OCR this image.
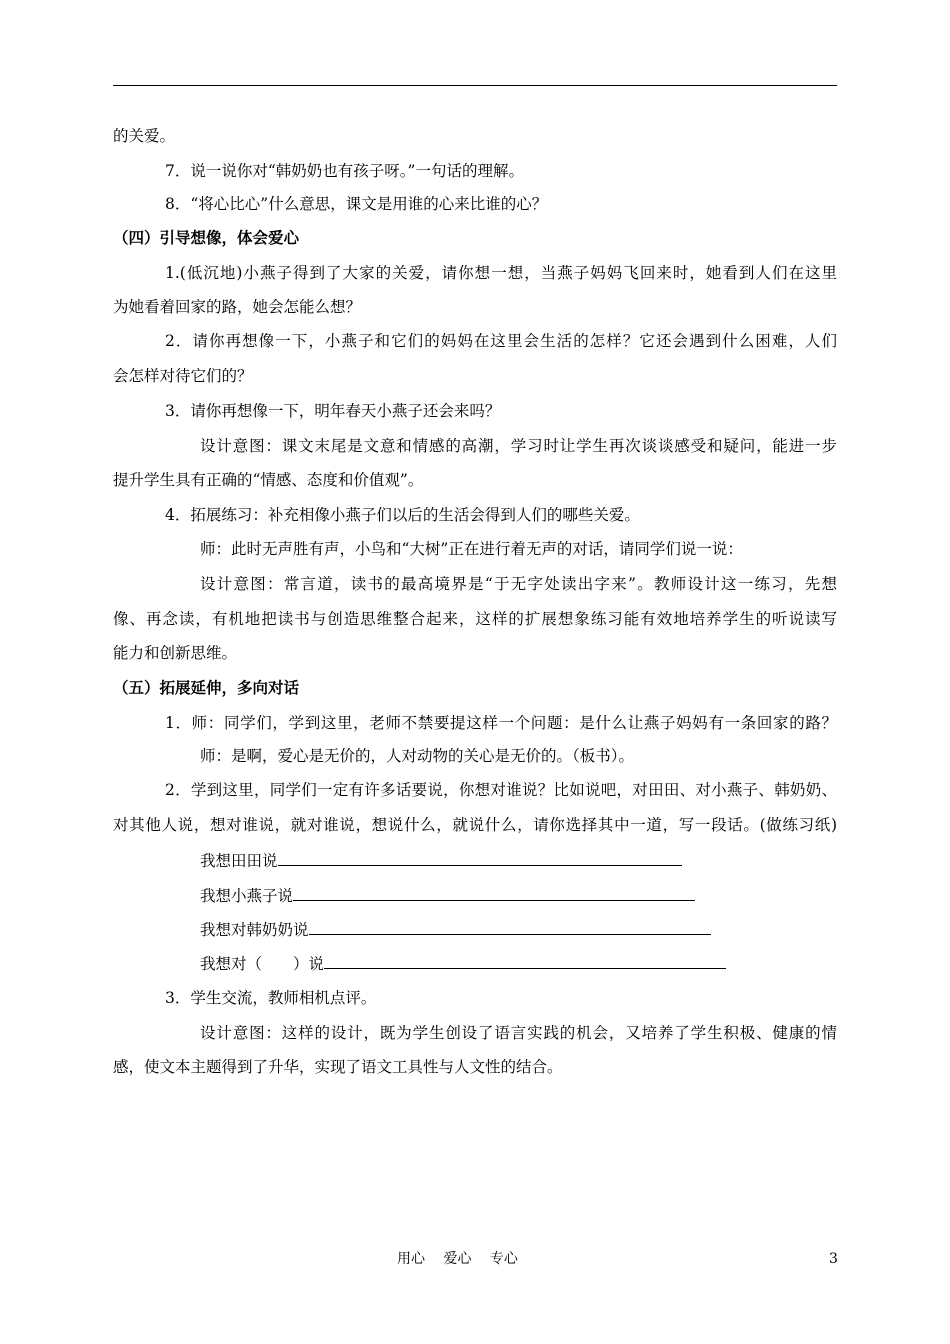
的关爱。
7．说一说你对“韩奶奶也有孩子呀。”一句话的理解。
8．“将心比心”什么意思，课文是用谁的心来比谁的心？
（四）引导想像，体会爱心
1.(低沉地)小燕子得到了大家的关爱，请你想一想，当燕子妈妈飞回来时，她看到人们在这里
为她看着回家的路，她会怎能么想？
2．请你再想像一下，小燕子和它们的妈妈在这里会生活的怎样？它还会遇到什么困难，人们
会怎样对待它们的？
3．请你再想像一下，明年春天小燕子还会来吗？
设计意图：课文末尾是文意和情感的高潮，学习时让学生再次谈谈感受和疑问，能进一步
提升学生具有正确的“情感、态度和价值观”。
4．拓展练习：补充相像小燕子们以后的生活会得到人们的哪些关爱。
师：此时无声胜有声，小鸟和“大树”正在进行着无声的对话，请同学们说一说：
设计意图：常言道，读书的最高境界是“于无字处读出字来”。教师设计这一练习，先想
像、再念读，有机地把读书与创造思维整合起来，这样的扩展想象练习能有效地培养学生的听说读写
能力和创新思维。
（五）拓展延伸，多向对话
1．师：同学们，学到这里，老师不禁要提这样一个问题：是什么让燕子妈妈有一条回家的路？
师：是啊，爱心是无价的，人对动物的关心是无价的。（板书）。
2．学到这里，同学们一定有许多话要说，你想对谁说？比如说吧，对田田、对小燕子、韩奶奶、
对其他人说，想对谁说，就对谁说，想说什么，就说什么，请你选择其中一道，写一段话。(做练习纸)
我想田田说
我想小燕子说
我想对韩奶奶说
我想对（　　）说
3．学生交流，教师相机点评。
设计意图：这样的设计，既为学生创设了语言实践的机会，又培养了学生积极、健康的情
感，使文本主题得到了升华，实现了语文工具性与人文性的结合。
用心　 爱心　 专心	3
